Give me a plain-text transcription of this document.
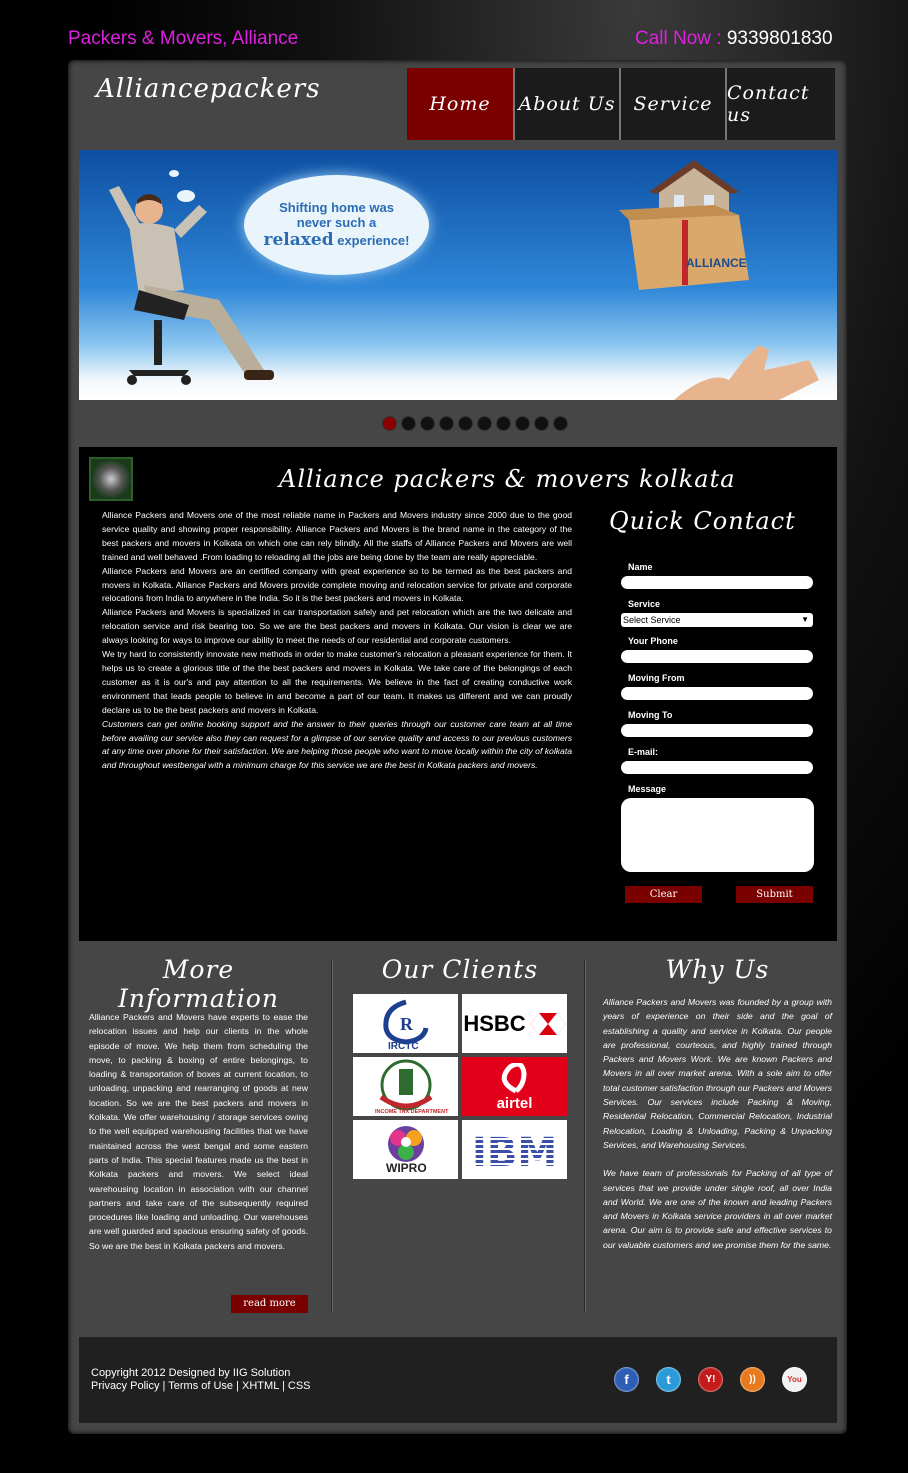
Packers & Movers, Alliance	Call Now : 9339801830
Alliancepackers	Home	About Us Service Contact us
Shifting home was
never such a
relaxed experience!
ALLIANCE
Alliance packers & movers kolkata

Alliance Packers and Movers one of the most reliable name in Packers and Movers industry since 2000 due to the good service quality and showing proper responsibility. Alliance Packers and Movers is the brand name in the category of the best packers and movers in Kolkata on which one can rely blindly. All the staffs of Alliance Packers and Movers are well trained and well behaved .From loading to reloading all the jobs are being done by the team are really appreciable.

Alliance Packers and Movers are an certified company with great experience so to be termed as the best packers and movers in Kolkata. Alliance Packers and Movers provide complete moving and relocation service for private and corporate relocations from India to anywhere in the India. So it is the best packers and movers in Kolkata.

Alliance Packers and Movers is specialized in car transportation safely and pet relocation which are the two delicate and relocation service and risk bearing too. So we are the best packers and movers in Kolkata. Our vision is clear we are always looking for ways to improve our ability to meet the needs of our residential and corporate customers.

We try hard to consistently innovate new methods in order to make customer's relocation a pleasant experience for them. It helps us to create a glorious title of the the best packers and movers in Kolkata. We take care of the belongings of each customer as it is our's and pay attention to all the requirements. We believe in the fact of creating conductive work environment that leads people to believe in and become a part of our team. It makes us different and we can proudly declare us to be the best packers and movers in Kolkata.

Customers can get online booking support and the answer to their queries through our customer care team at all time before availing our service also they can request for a glimpse of our service quality and access to our previous customers at any time over phone for their satisfaction. We are helping those people who want to move locally within the city of kolkata and throughout westbengal with a minimum charge for this service we are the best in Kolkata packers and movers.

Quick Contact
Name
Service
Select Service	▼
Your Phone
Moving From
Moving To
E-mail:
Message
Clear	Submit
More Information
Alliance Packers and Movers have experts to ease the relocation issues and help our clients in the whole episode of move. We help them from scheduling the move, to packing & boxing of entire belongings, to loading & transportation of boxes at current location, to unloading, unpacking and rearranging of goods at new location. So we are the best packers and movers in Kolkata. We offer warehousing / storage services owing to the well equipped warehousing facilities that we have maintained across the west bengal and some eastern parts of India. This special features made us the best in Kolkata packers and movers. We select ideal warehousing location in association with our channel partners and take care of the subsequently required procedures like loading and unloading. Our warehouses are well guarded and spacious ensuring safety of goods. So we are the best in Kolkata packers and movers.
read more
Our Clients
R
IRCTC
HSBC
INCOME TAX DEPARTMENT	airtel
WIPRO IBM
Why Us

Alliance Packers and Movers was founded by a group with years of experience on their side and the goal of establishing a quality and service in Kolkata. Our people are professional, courteous, and highly trained through Packers and Movers Work. We are known Packers and Movers in all over market arena. With a sole aim to offer total customer satisfaction through our Packers and Movers Services. Our services include Packing & Moving, Residential Relocation, Commercial Relocation, Industrial Relocation, Loading & Unloading, Packing & Unpacking Services, and Warehousing Services.

We have team of professionals for Packing of all type of services that we provide under single roof, all over India and World. We are one of the known and leading Packers and Movers in Kolkata service providers in all over market arena. Our aim is to provide safe and effective services to our valuable customers and we promise them for the same.

Copyright 2012 Designed by IIG Solution
Privacy Policy | Terms of Use | XHTML | CSS	f	t	Y!	))	You
